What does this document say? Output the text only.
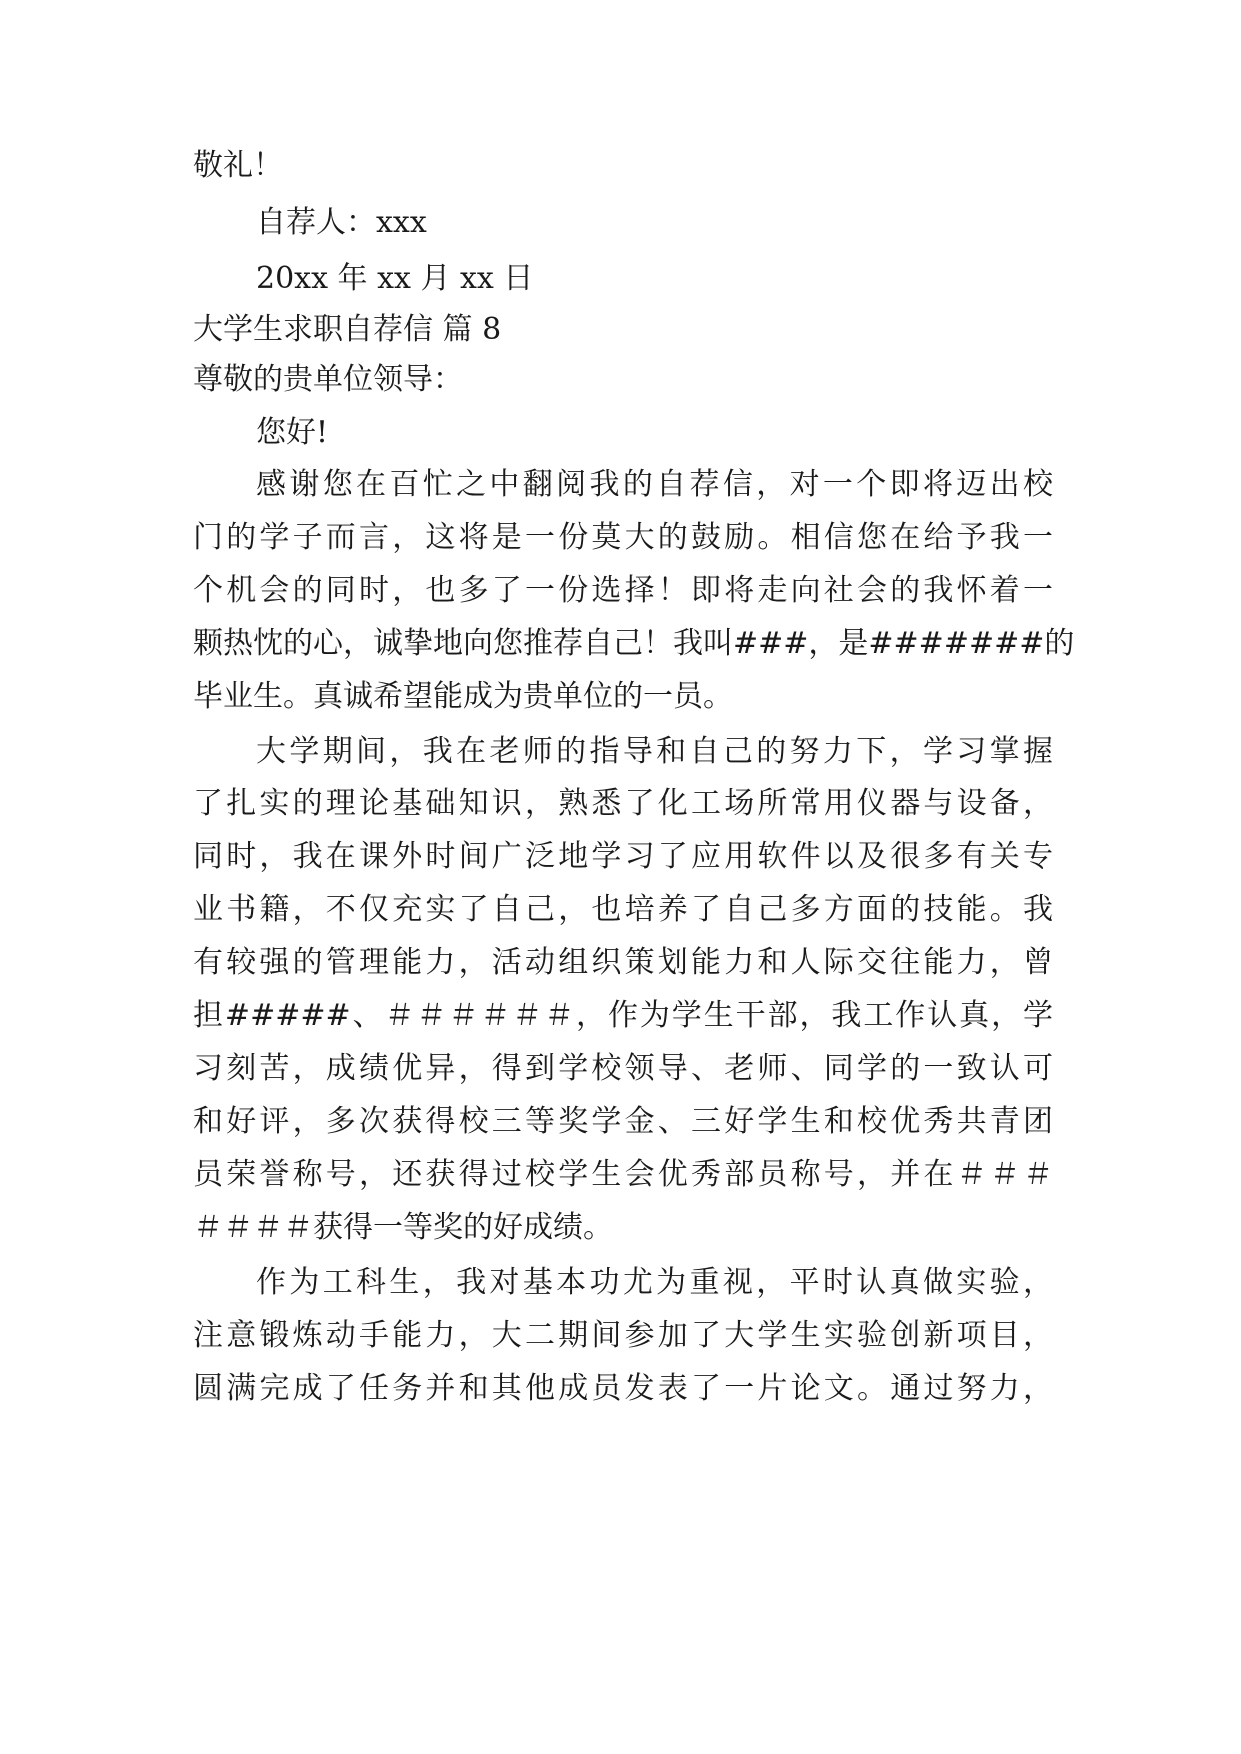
敬礼！
自荐人：xxx
20xx 年 xx 月 xx 日
大学生求职自荐信 篇 8
尊敬的贵单位领导：
您好!
感谢您在百忙之中翻阅我的自荐信，对一个即将迈出校
门的学子而言，这将是一份莫大的鼓励。相信您在给予我一
个机会的同时，也多了一份选择！即将走向社会的我怀着一
颗热忱的心，诚挚地向您推荐自己！我叫###，是#######的
毕业生。真诚希望能成为贵单位的一员。
大学期间，我在老师的指导和自己的努力下，学习掌握
了扎实的理论基础知识，熟悉了化工场所常用仪器与设备，
同时，我在课外时间广泛地学习了应用软件以及很多有关专
业书籍，不仅充实了自己，也培养了自己多方面的技能。我
有较强的管理能力，活动组织策划能力和人际交往能力，曾
担#####、＃＃＃＃＃＃，作为学生干部，我工作认真，学
习刻苦，成绩优异，得到学校领导、老师、同学的一致认可
和好评，多次获得校三等奖学金、三好学生和校优秀共青团
员荣誉称号，还获得过校学生会优秀部员称号，并在＃＃＃
＃＃＃＃获得一等奖的好成绩。
作为工科生，我对基本功尤为重视，平时认真做实验，
注意锻炼动手能力，大二期间参加了大学生实验创新项目，
圆满完成了任务并和其他成员发表了一片论文。通过努力，
